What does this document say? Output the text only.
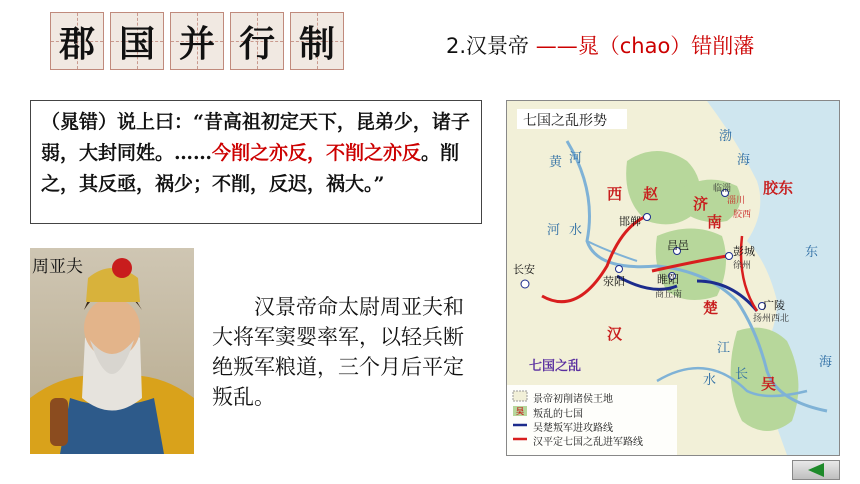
郡 国 并 行 制	2.汉景帝 ——晁（chao）错削藩
（晁错）说上曰：“昔高祖初定天下，昆弟少，诸子弱，大封同姓。……今削之亦反，不削之亦反。削之，其反亟，祸少；不削，反迟，祸大。”
周亚夫
汉景帝命太尉周亚夫和大将军窦婴率军，以轻兵断绝叛军粮道，三个月后平定叛乱。
七国之乱形势
渤
海
东
海
黄 河
水
河
江
长
水
西 赵
济
南
胶东
淄川
胶西
汉
楚
吴
七国之乱
邯郸
长安
荥阳
昌邑	彭城
徐州
睢阳
商丘南
广陵
扬州西北
临淄
吴
景帝初削诸侯王地
叛乱的七国
吴楚叛军进攻路线
汉平定七国之乱进军路线
